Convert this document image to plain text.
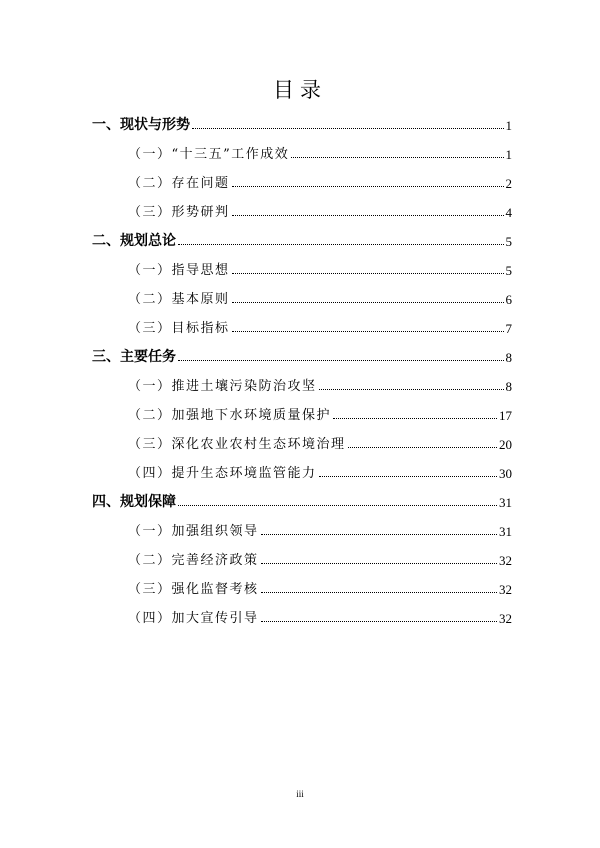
目录
一、现状与形势	1
（一）“十三五”工作成效	1
（二）存在问题	2
（三）形势研判	4
二、规划总论	5
（一）指导思想	5
（二）基本原则	6
（三）目标指标	7
三、主要任务	8
（一）推进土壤污染防治攻坚	8
（二）加强地下水环境质量保护	17
（三）深化农业农村生态环境治理	20
（四）提升生态环境监管能力	30
四、规划保障	31
（一）加强组织领导	31
（二）完善经济政策	32
（三）强化监督考核	32
（四）加大宣传引导	32
iii
